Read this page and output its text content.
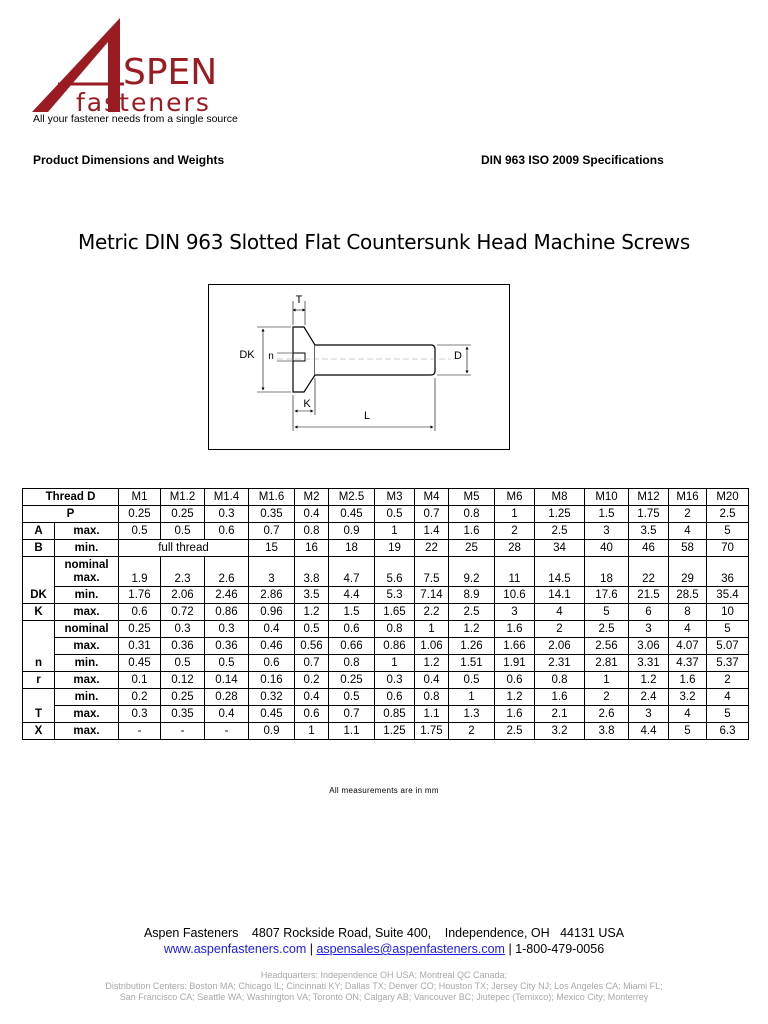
SPEN
fasteners
All your fastener needs from a single source
Product Dimensions and Weights	DIN 963 ISO 2009 Specifications
Metric DIN 963 Slotted Flat Countersunk Head Machine Screws
T
DK n	D
K
L
Thread D		M1	M1.2	M1.4	M1.6	M2	M2.5	M3	M4	M5	M6	M8	M10	M12	M16	M20
P		0.25	0.25	0.3	0.35	0.4	0.45	0.5	0.7	0.8	1	1.25	1.5	1.75	2	2.5
A	max.	0.5	0.5	0.6	0.7	0.8	0.9	1	1.4	1.6	2	2.5	3	3.5	4	5
B	min.	full thread			15	16	18	19	22	25	28	34	40	46	58	70
	nominal max.	1.9	2.3	2.6	3	3.8	4.7	5.6	7.5	9.2	11	14.5	18	22	29	36
DK	min.	1.76	2.06	2.46	2.86	3.5	4.4	5.3	7.14	8.9	10.6	14.1	17.6	21.5	28.5	35.4
K	max.	0.6	0.72	0.86	0.96	1.2	1.5	1.65	2.2	2.5	3	4	5	6	8	10
	nominal	0.25	0.3	0.3	0.4	0.5	0.6	0.8	1	1.2	1.6	2	2.5	3	4	5
	max.	0.31	0.36	0.36	0.46	0.56	0.66	0.86	1.06	1.26	1.66	2.06	2.56	3.06	4.07	5.07
n	min.	0.45	0.5	0.5	0.6	0.7	0.8	1	1.2	1.51	1.91	2.31	2.81	3.31	4.37	5.37
r	max.	0.1	0.12	0.14	0.16	0.2	0.25	0.3	0.4	0.5	0.6	0.8	1	1.2	1.6	2
	min.	0.2	0.25	0.28	0.32	0.4	0.5	0.6	0.8	1	1.2	1.6	2	2.4	3.2	4
T	max.	0.3	0.35	0.4	0.45	0.6	0.7	0.85	1.1	1.3	1.6	2.1	2.6	3	4	5
X	max.	-	-	-	0.9	1	1.1	1.25	1.75	2	2.5	3.2	3.8	4.4	5	6.3
All measurements are in mm
Aspen Fasteners 4807 Rockside Road, Suite 400, Independence, OH   44131 USA
www.aspenfasteners.com | aspensales@aspenfasteners.com | 1-800-479-0056
Headquarters: Independence OH USA; Montreal QC Canada;
Distribution Centers: Boston MA; Chicago IL; Cincinnati KY; Dallas TX; Denver CO; Houston TX; Jersey City NJ; Los Angeles CA; Miami FL;
San Francisco CA; Seattle WA; Washington VA; Toronto ON; Calgary AB; Vancouver BC; Jiutepec (Temixco); Mexico City; Monterrey
